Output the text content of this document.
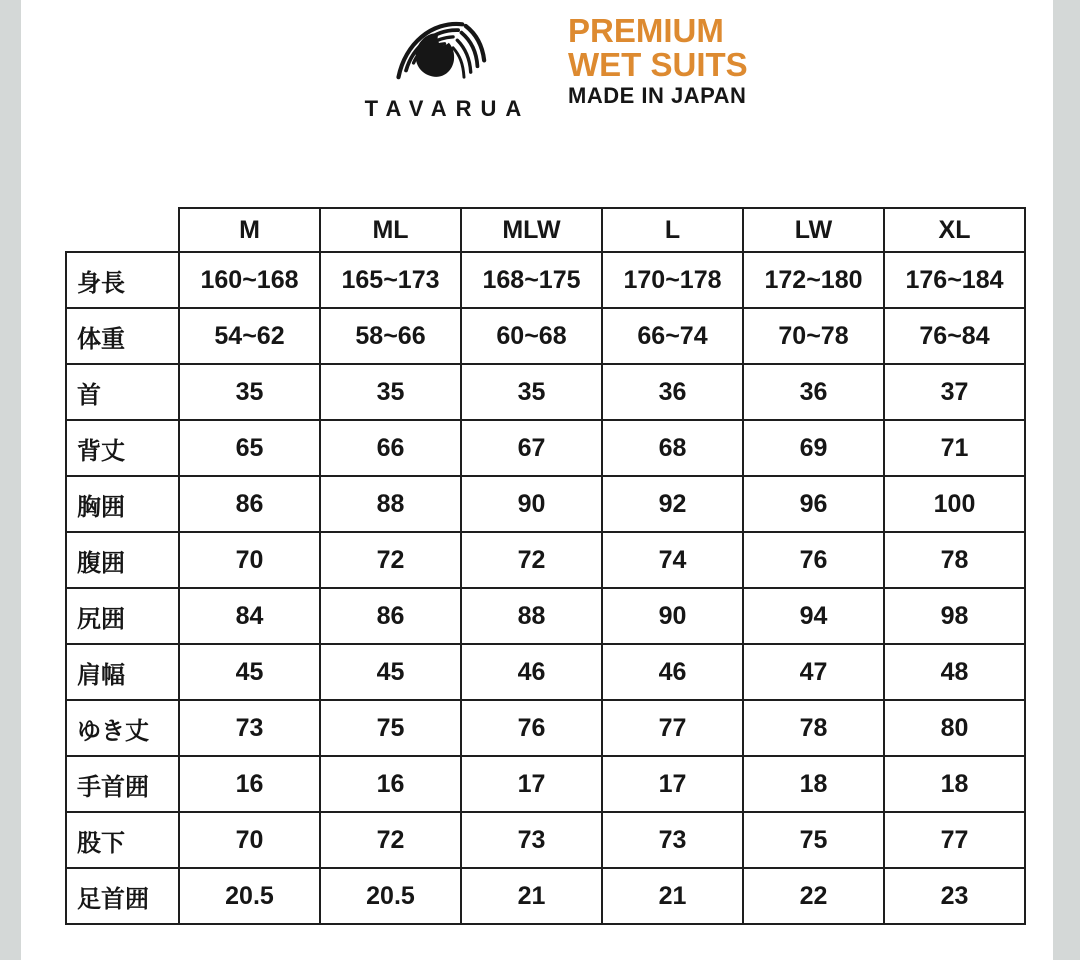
TAVARUA
PREMIUM
WET SUITS
MADE IN JAPAN
	M	ML	MLW	L	LW	XL
身長	160~168	165~173	168~175	170~178	172~180	176~184
体重	54~62	58~66	60~68	66~74	70~78	76~84
首	35	35	35	36	36	37
背丈	65	66	67	68	69	71
胸囲	86	88	90	92	96	100
腹囲	70	72	72	74	76	78
尻囲	84	86	88	90	94	98
肩幅	45	45	46	46	47	48
ゆき丈	73	75	76	77	78	80
手首囲	16	16	17	17	18	18
股下	70	72	73	73	75	77
足首囲	20.5	20.5	21	21	22	23
